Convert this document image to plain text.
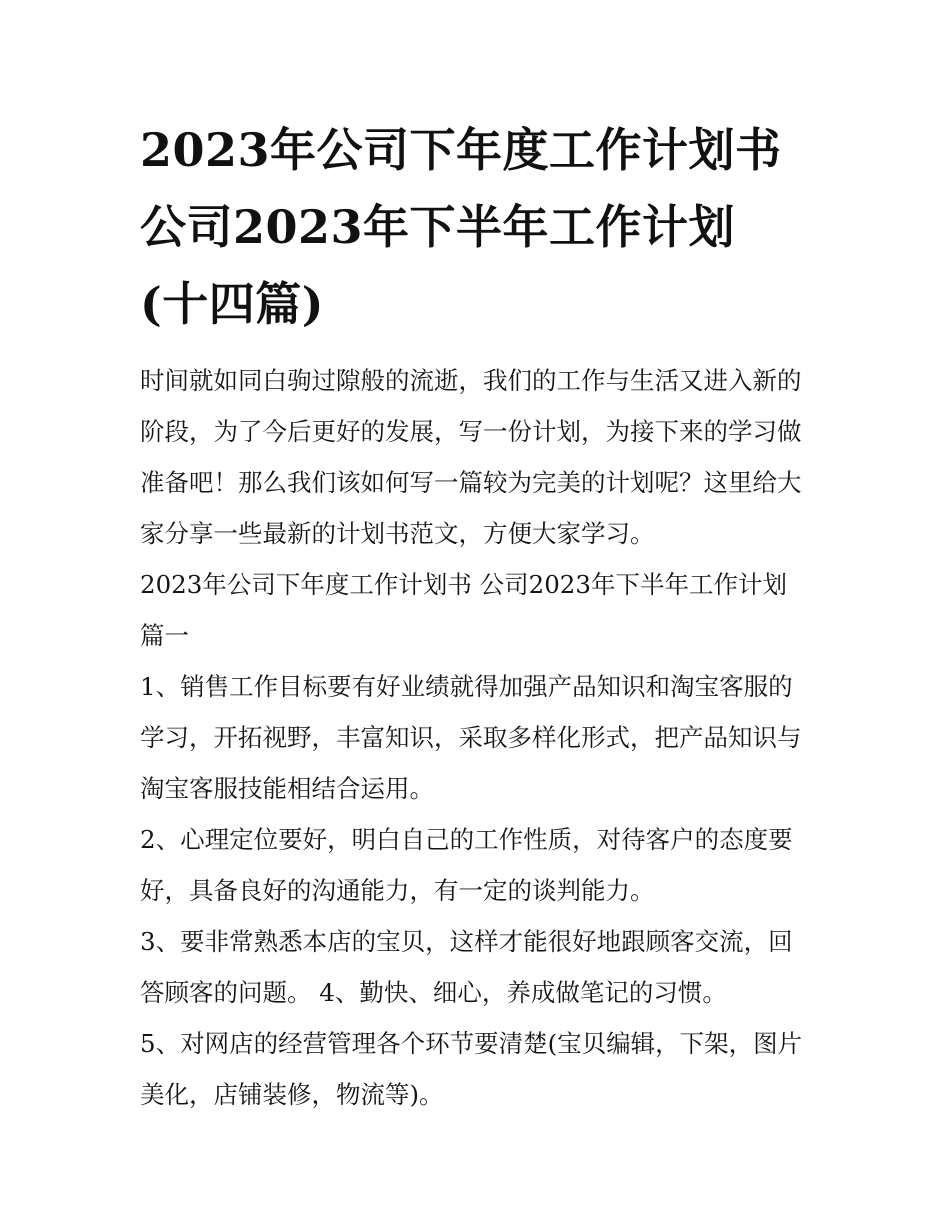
2023年公司下年度工作计划书
公司2023年下半年工作计划
(十四篇)

时间就如同白驹过隙般的流逝，我们的工作与生活又进入新的阶段，为了今后更好的发展，写一份计划，为接下来的学习做准备吧！那么我们该如何写一篇较为完美的计划呢？这里给大家分享一些最新的计划书范文，方便大家学习。

2023年公司下年度工作计划书 公司2023年下半年工作计划篇一

1、销售工作目标要有好业绩就得加强产品知识和淘宝客服的学习，开拓视野，丰富知识，采取多样化形式，把产品知识与淘宝客服技能相结合运用。

2、心理定位要好，明白自己的工作性质，对待客户的态度要好，具备良好的沟通能力，有一定的谈判能力。

3、要非常熟悉本店的宝贝，这样才能很好地跟顾客交流，回答顾客的问题。 4、勤快、细心，养成做笔记的习惯。

5、对网店的经营管理各个环节要清楚(宝贝编辑，下架，图片美化，店铺装修，物流等)。
